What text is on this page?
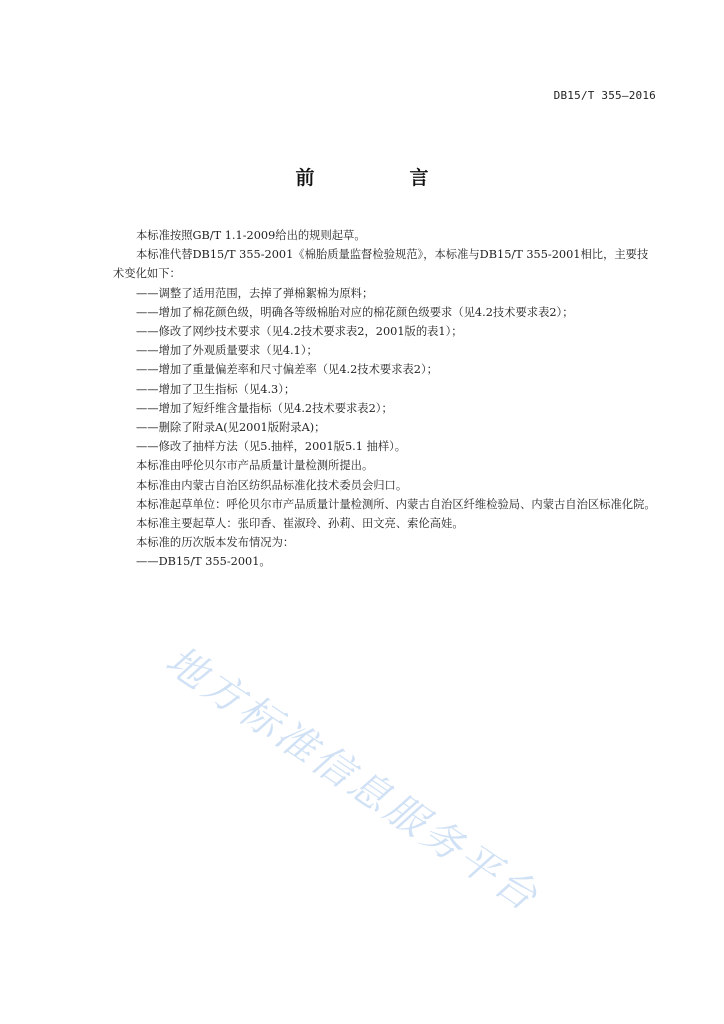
DB15/T 355—2016
前　言

本标准按照GB/T 1.1-2009给出的规则起草。

本标准代替DB15/T 355-2001《棉胎质量监督检验规范》，本标准与DB15/T 355-2001相比，主要技术变化如下：

——调整了适用范围，去掉了弹棉絮棉为原料；

——增加了棉花颜色级，明确各等级棉胎对应的棉花颜色级要求（见4.2技术要求表2）；

——修改了网纱技术要求（见4.2技术要求表2，2001版的表1）；

——增加了外观质量要求（见4.1）；

——增加了重量偏差率和尺寸偏差率（见4.2技术要求表2）；

——增加了卫生指标（见4.3）；

——增加了短纤维含量指标（见4.2技术要求表2）；

——删除了附录A(见2001版附录A)；

——修改了抽样方法（见5.抽样，2001版5.1 抽样）。

本标准由呼伦贝尔市产品质量计量检测所提出。

本标准由内蒙古自治区纺织品标准化技术委员会归口。

本标准起草单位：呼伦贝尔市产品质量计量检测所、内蒙古自治区纤维检验局、内蒙古自治区标准化院。

本标准主要起草人：张印香、崔淑玲、孙莉、田文亮、索伦高娃。

本标准的历次版本发布情况为：

——DB15/T 355-2001。

地方标准信息服务平台
